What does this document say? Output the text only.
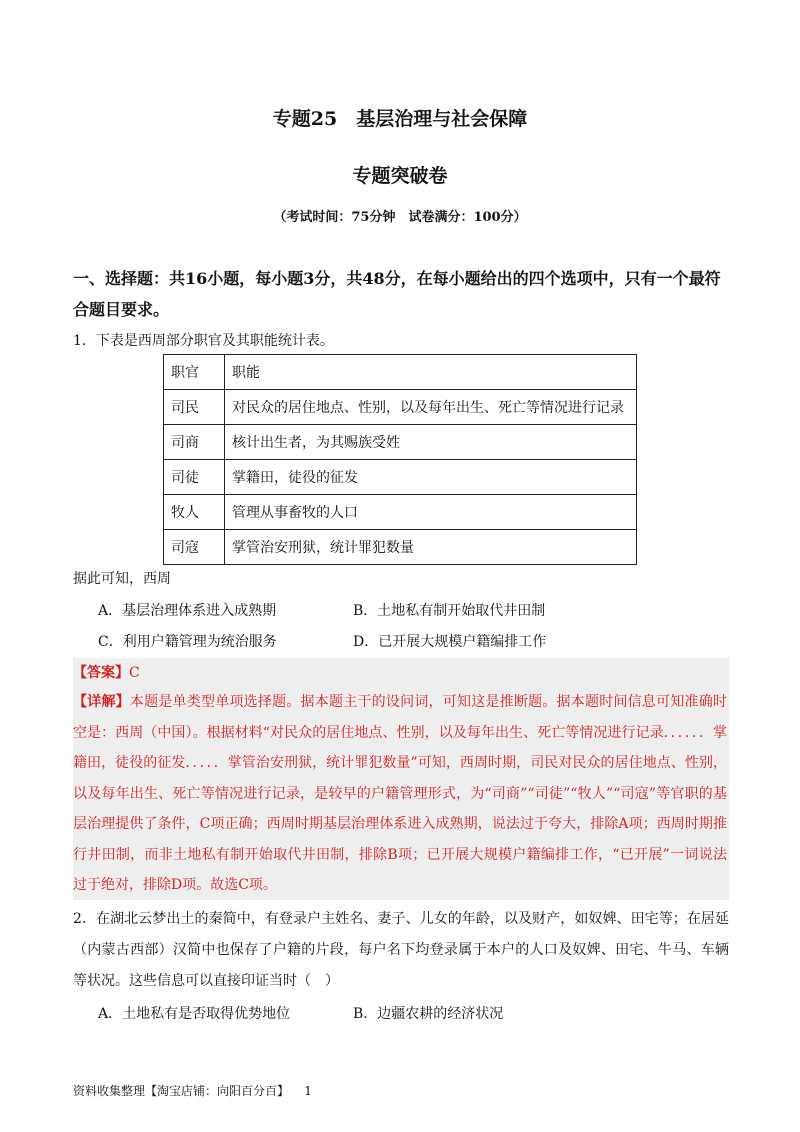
专题25　基层治理与社会保障
专题突破卷
（考试时间：75分钟　试卷满分：100分）
一、选择题：共16小题，每小题3分，共48分，在每小题给出的四个选项中，只有一个最符合题目要求。
1．下表是西周部分职官及其职能统计表。
职官	职能
司民	对民众的居住地点、性别，以及每年出生、死亡等情况进行记录
司商	核计出生者，为其赐族受姓
司徒	掌籍田，徒役的征发
牧人	管理从事畜牧的人口
司寇	掌管治安刑狱，统计罪犯数量
据此可知，西周
A．基层治理体系进入成熟期	B．土地私有制开始取代井田制
C．利用户籍管理为统治服务	D．已开展大规模户籍编排工作
【答案】C
【详解】本题是单类型单项选择题。据本题主干的设问词，可知这是推断题。据本题时间信息可知准确时空是：西周（中国）。根据材料“对民众的居住地点、性别，以及每年出生、死亡等情况进行记录．．．．．．掌籍田，徒役的征发．．．．．掌管治安刑狱，统计罪犯数量”可知，西周时期，司民对民众的居住地点、性别，以及每年出生、死亡等情况进行记录，是较早的户籍管理形式，为“司商”“司徒”“牧人”“司寇”等官职的基层治理提供了条件，C项正确；西周时期基层治理体系进入成熟期，说法过于夸大，排除A项；西周时期推行井田制，而非土地私有制开始取代井田制，排除B项；已开展大规模户籍编排工作，“已开展”一词说法过于绝对，排除D项。故选C项。
2．在湖北云梦出土的秦简中，有登录户主姓名、妻子、儿女的年龄，以及财产，如奴婢、田宅等；在居延（内蒙古西部）汉简中也保存了户籍的片段，每户名下均登录属于本户的人口及奴婢、田宅、牛马、车辆等状况。这些信息可以直接印证当时（　）
A．土地私有是否取得优势地位	B．边疆农耕的经济状况
资料收集整理【淘宝店铺：向阳百分百】 1
